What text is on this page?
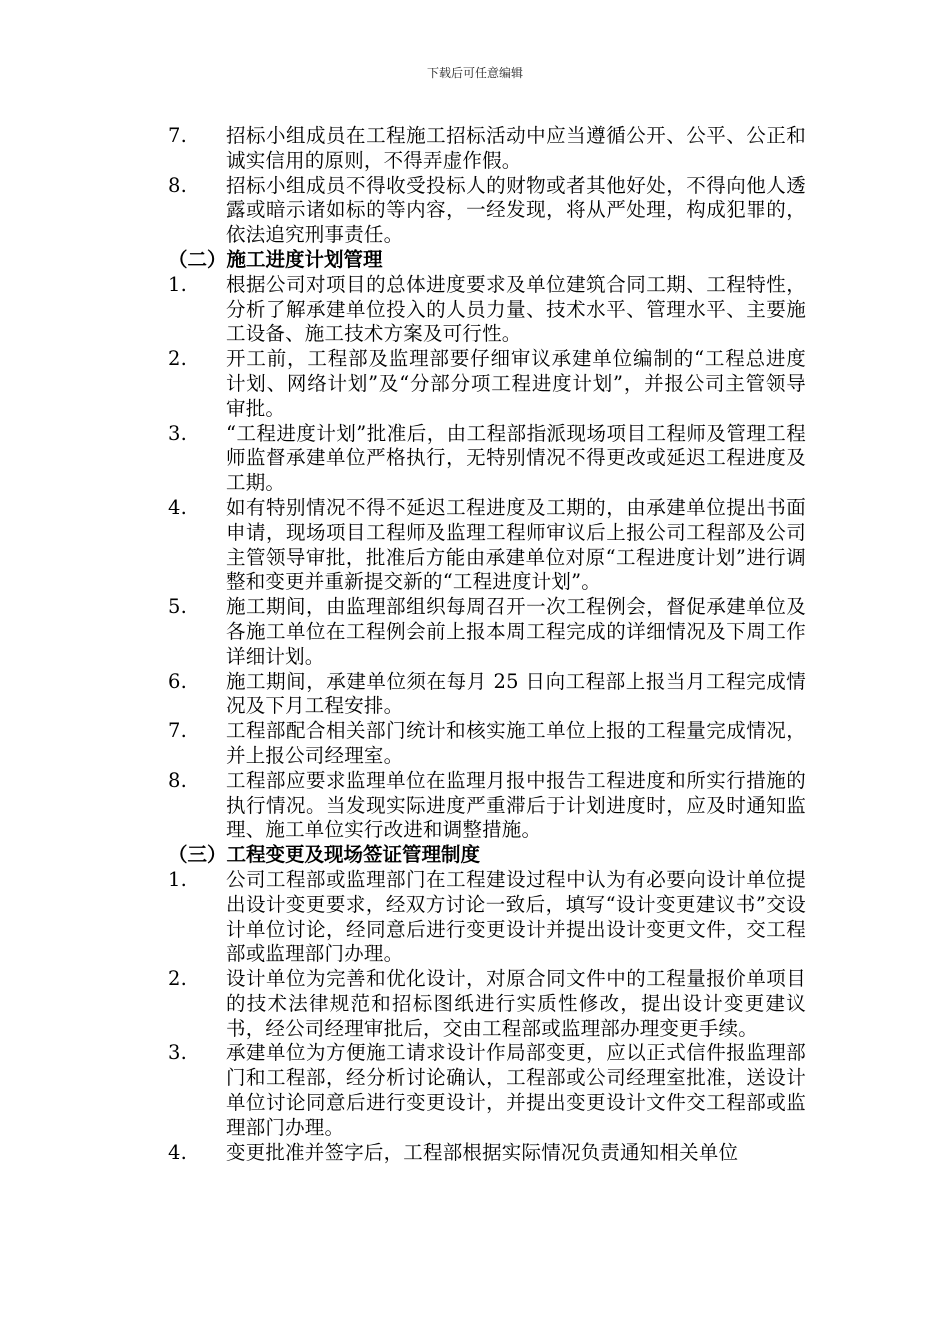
下载后可任意编辑
7.	招标小组成员在工程施工招标活动中应当遵循公开、公平、公正和诚实信用的原则，不得弄虚作假。
8.	招标小组成员不得收受投标人的财物或者其他好处，不得向他人透露或暗示诸如标的等内容，一经发现，将从严处理，构成犯罪的，依法追究刑事责任。
（二）施工进度计划管理
1.	根据公司对项目的总体进度要求及单位建筑合同工期、工程特性，分析了解承建单位投入的人员力量、技术水平、管理水平、主要施工设备、施工技术方案及可行性。
2.	开工前，工程部及监理部要仔细审议承建单位编制的“工程总进度计划、网络计划”及“分部分项工程进度计划”，并报公司主管领导审批。
3.	“工程进度计划”批准后，由工程部指派现场项目工程师及管理工程师监督承建单位严格执行，无特别情况不得更改或延迟工程进度及工期。
4.	如有特别情况不得不延迟工程进度及工期的，由承建单位提出书面申请，现场项目工程师及监理工程师审议后上报公司工程部及公司主管领导审批，批准后方能由承建单位对原“工程进度计划”进行调整和变更并重新提交新的“工程进度计划”。
5.	施工期间，由监理部组织每周召开一次工程例会，督促承建单位及各施工单位在工程例会前上报本周工程完成的详细情况及下周工作详细计划。
6.	施工期间，承建单位须在每月 25 日向工程部上报当月工程完成情况及下月工程安排。
7.	工程部配合相关部门统计和核实施工单位上报的工程量完成情况，并上报公司经理室。
8.	工程部应要求监理单位在监理月报中报告工程进度和所实行措施的执行情况。当发现实际进度严重滞后于计划进度时，应及时通知监理、施工单位实行改进和调整措施。
（三）工程变更及现场签证管理制度
1.	公司工程部或监理部门在工程建设过程中认为有必要向设计单位提出设计变更要求，经双方讨论一致后，填写“设计变更建议书”交设计单位讨论，经同意后进行变更设计并提出设计变更文件，交工程部或监理部门办理。
2.	设计单位为完善和优化设计，对原合同文件中的工程量报价单项目的技术法律规范和招标图纸进行实质性修改，提出设计变更建议书，经公司经理审批后，交由工程部或监理部办理变更手续。
3.	承建单位为方便施工请求设计作局部变更，应以正式信件报监理部门和工程部，经分析讨论确认，工程部或公司经理室批准，送设计单位讨论同意后进行变更设计，并提出变更设计文件交工程部或监理部门办理。
4.	变更批准并签字后，工程部根据实际情况负责通知相关单位
